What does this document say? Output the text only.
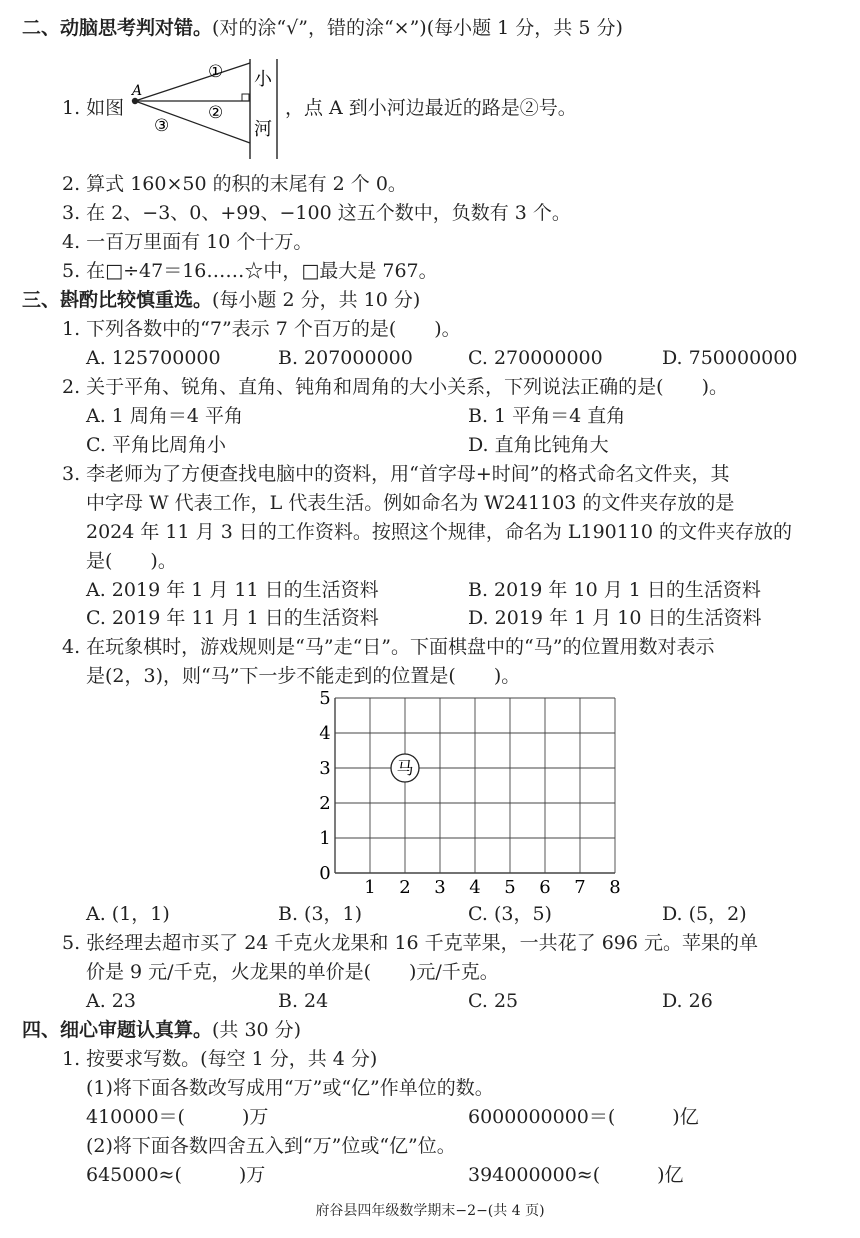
二、动脑思考判对错。(对的涂“√”，错的涂“×”)(每小题 1 分，共 5 分)
1. 如图
A
①
②
③
小
河
，点 A 到小河边最近的路是②号。
2. 算式 160×50 的积的末尾有 2 个 0。
3. 在 2、−3、0、+99、−100 这五个数中，负数有 3 个。
4. 一百万里面有 10 个十万。
5. 在□÷47＝16……☆中，□最大是 767。
三、斟酌比较慎重选。(每小题 2 分，共 10 分)
1. 下列各数中的“7”表示 7 个百万的是(　　)。
A. 125700000	B. 207000000	C. 270000000	D. 750000000
2. 关于平角、锐角、直角、钝角和周角的大小关系，下列说法正确的是(　　)。
A. 1 周角＝4 平角	B. 1 平角＝4 直角
C. 平角比周角小	D. 直角比钝角大
3. 李老师为了方便查找电脑中的资料，用“首字母+时间”的格式命名文件夹，其
中字母 W 代表工作，L 代表生活。例如命名为 W241103 的文件夹存放的是
2024 年 11 月 3 日的工作资料。按照这个规律，命名为 L190110 的文件夹存放的
是(　　)。
A. 2019 年 1 月 11 日的生活资料	B. 2019 年 10 月 1 日的生活资料
C. 2019 年 11 月 1 日的生活资料	D. 2019 年 1 月 10 日的生活资料
4. 在玩象棋时，游戏规则是“马”走“日”。下面棋盘中的“马”的位置用数对表示
是(2，3)，则“马”下一步不能走到的位置是(　　)。
1 2 3 4 5 6 7 8
0
1
2
3
4
5
马
A. (1，1)	B. (3，1)	C. (3，5)	D. (5，2)
5. 张经理去超市买了 24 千克火龙果和 16 千克苹果，一共花了 696 元。苹果的单
价是 9 元/千克，火龙果的单价是(　　)元/千克。
A. 23	B. 24	C. 25	D. 26
四、细心审题认真算。(共 30 分)
1. 按要求写数。(每空 1 分，共 4 分)
(1)将下面各数改写成用“万”或“亿”作单位的数。
410000＝(　　　)万	6000000000＝(　　　)亿
(2)将下面各数四舍五入到“万”位或“亿”位。
645000≈(　　　)万	394000000≈(　　　)亿
府谷县四年级数学期末−2−(共 4 页)
